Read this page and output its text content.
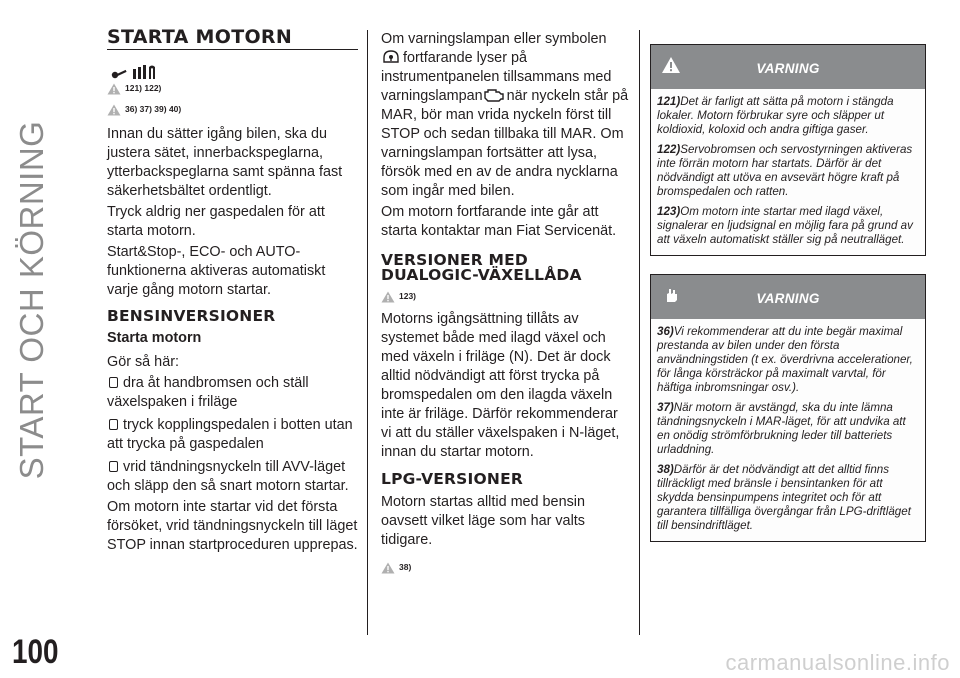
START OCH KÖRNING
100	carmanualsonline.info
STARTA MOTORN
121) 122)
36) 37) 39) 40)

Innan du sätter igång bilen, ska du justera sätet, innerbackspeglarna, ytterbackspeglarna samt spänna fast säkerhetsbältet ordentligt.

Tryck aldrig ner gaspedalen för att starta motorn.

Start&Stop-, ECO- och AUTO-funktionerna aktiveras automatiskt varje gång motorn startar.

BENSINVERSIONER
Starta motorn

Gör så här:

dra åt handbromsen och ställ växelspaken i friläge

tryck kopplingspedalen i botten utan att trycka på gaspedalen

vrid tändningsnyckeln till AVV-läget och släpp den så snart motorn startar.

Om motorn inte startar vid det första försöket, vrid tändningsnyckeln till läget STOP innan startproceduren upprepas.

Om varningslampan eller symbolen
fortfarande lyser på instrumentpanelen tillsammans med varningslampan när nyckeln står på MAR, bör man vrida nyckeln först till STOP och sedan tillbaka till MAR. Om varningslampan fortsätter att lysa, försök med en av de andra nycklarna som ingår med bilen.

Om motorn fortfarande inte går att starta kontaktar man Fiat Servicenät.

VERSIONER MED DUALOGIC-VÄXELLÅDA
123)

Motorns igångsättning tillåts av systemet både med ilagd växel och med växeln i friläge (N). Det är dock alltid nödvändigt att först trycka på bromspedalen om den ilagda växeln inte är friläge. Därför rekommenderar vi att du ställer växelspaken i N-läget, innan du startar motorn.

LPG-VERSIONER

Motorn startas alltid med bensin oavsett vilket läge som har valts tidigare.

38)
VARNING

121)Det är farligt att sätta på motorn i stängda lokaler. Motorn förbrukar syre och släpper ut koldioxid, koloxid och andra giftiga gaser.

122)Servobromsen och servostyrningen aktiveras inte förrän motorn har startats. Därför är det nödvändigt att utöva en avsevärt högre kraft på bromspedalen och ratten.

123)Om motorn inte startar med ilagd växel, signalerar en ljudsignal en möjlig fara på grund av att växeln automatiskt ställer sig på neutralläget.

VARNING

36)Vi rekommenderar att du inte begär maximal prestanda av bilen under den första användningstiden (t ex. överdrivna accelerationer, för långa körsträckor på maximalt varvtal, för häftiga inbromsningar osv.).

37)När motorn är avstängd, ska du inte lämna tändningsnyckeln i MAR-läget, för att undvika att en onödig strömförbrukning leder till batteriets urladdning.

38)Därför är det nödvändigt att det alltid finns tillräckligt med bränsle i bensintanken för att skydda bensinpumpens integritet och för att garantera tillfälliga övergångar från LPG-driftläget till bensindriftläget.
